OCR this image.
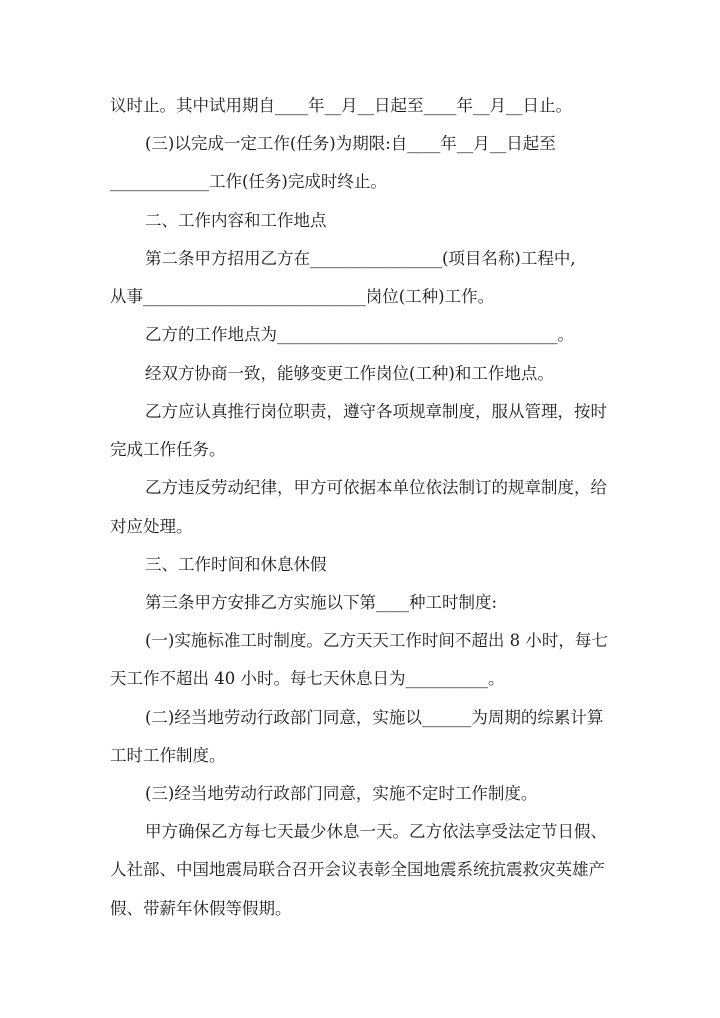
议时止。其中试用期自____年__月__日起至____年__月__日止。
(三)以完成一定工作(任务)为期限:自____年__月__日起至
____________工作(任务)完成时终止。
二、工作内容和工作地点
第二条甲方招用乙方在________________(项目名称)工程中,
从事___________________________岗位(工种)工作。
乙方的工作地点为__________________________________。
经双方协商一致，能够变更工作岗位(工种)和工作地点。
乙方应认真推行岗位职责，遵守各项规章制度，服从管理，按时
完成工作任务。
乙方违反劳动纪律，甲方可依据本单位依法制订的规章制度，给
对应处理。
三、工作时间和休息休假
第三条甲方安排乙方实施以下第____种工时制度:
(一)实施标准工时制度。乙方天天工作时间不超出 8 小时，每七
天工作不超出 40 小时。每七天休息日为__________。
(二)经当地劳动行政部门同意，实施以______为周期的综累计算
工时工作制度。
(三)经当地劳动行政部门同意，实施不定时工作制度。
甲方确保乙方每七天最少休息一天。乙方依法享受法定节日假、
人社部、中国地震局联合召开会议表彰全国地震系统抗震救灾英雄产
假、带薪年休假等假期。
